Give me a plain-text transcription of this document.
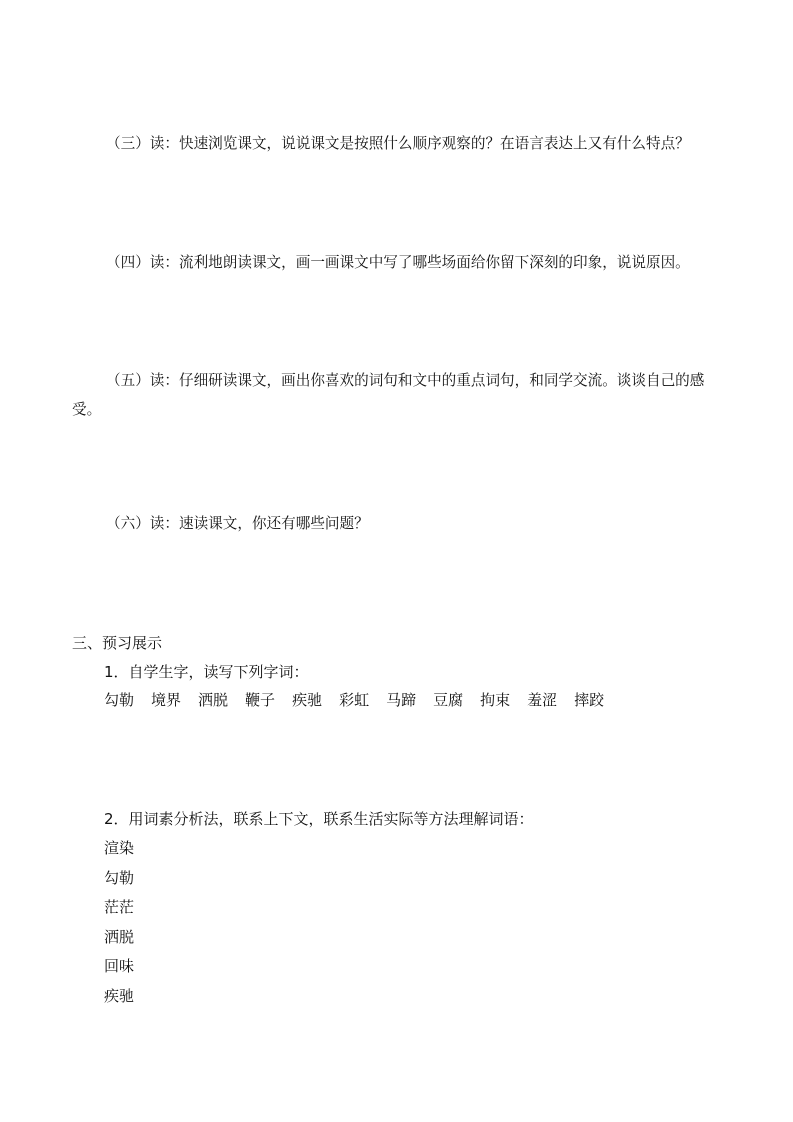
（三）读：快速浏览课文，说说课文是按照什么顺序观察的？在语言表达上又有什么特点？
（四）读：流利地朗读课文，画一画课文中写了哪些场面给你留下深刻的印象，说说原因。
（五）读：仔细研读课文，画出你喜欢的词句和文中的重点词句，和同学交流。谈谈自己的感受。
（六）读：速读课文，你还有哪些问题？
三、预习展示
1．自学生字，读写下列字词：
勾勒 境界 洒脱 鞭子 疾驰 彩虹 马蹄 豆腐 拘束 羞涩 摔跤
2．用词素分析法，联系上下文，联系生活实际等方法理解词语：
渲染
勾勒
茫茫
洒脱
回味
疾驰
